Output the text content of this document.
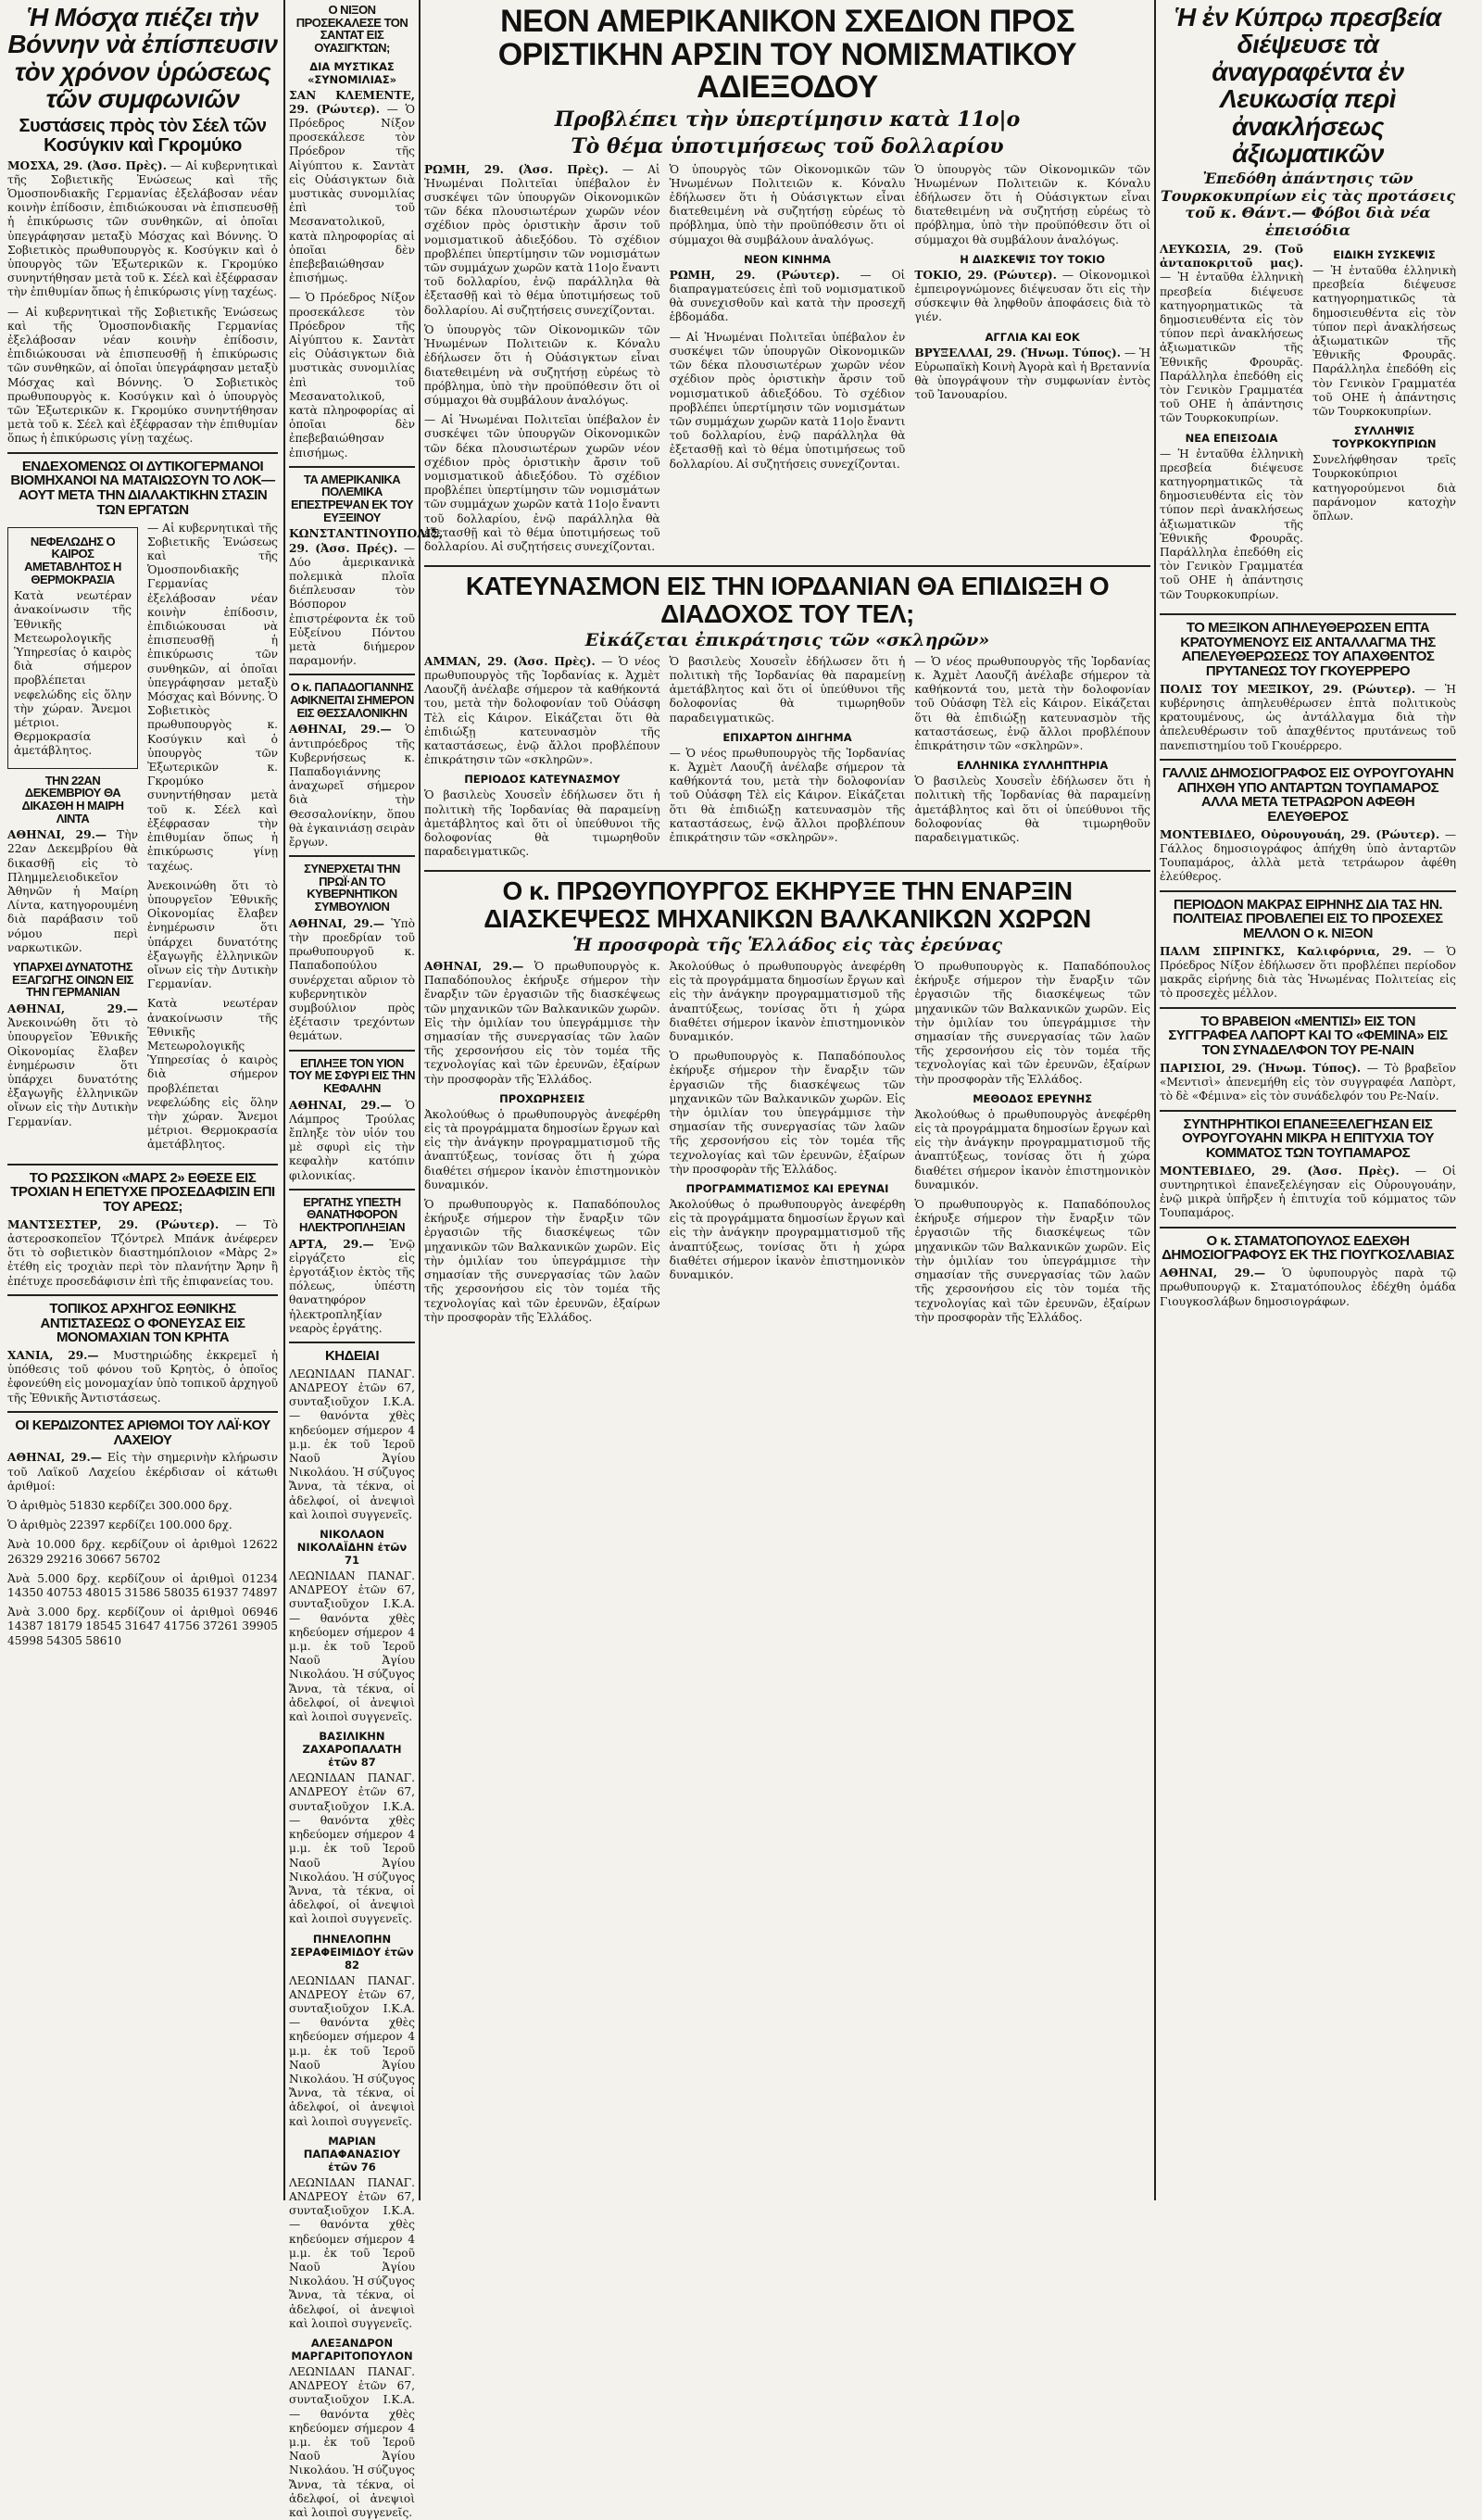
Ἡ Μόσχα πιέζει τὴν Βόννην νὰ ἐπίσπευσιν τὸν χρόνον ὑρώσεως τῶν συμφωνιῶν
Συστάσεις πρὸς τὸν Σέελ τῶν Κοσύγκιν καὶ Γκρομύκο

ΜΟΣΧΑ, 29. (Ἀσσ. Πρὲς). — Αἱ κυβερνητικαὶ τῆς Σοβιετικῆς Ἑνώσεως καὶ τῆς Ὁμοσπονδιακῆς Γερμανίας ἐξελάβοσαν νέαν κοινὴν ἐπίδοσιν, ἐπιδιώκουσαι νὰ ἐπισπευσθῇ ἡ ἐπικύρωσις τῶν συνθηκῶν, αἱ ὁποῖαι ὑπεγράφησαν μεταξὺ Μόσχας καὶ Βόννης. Ὁ Σοβιετικὸς πρωθυπουργὸς κ. Κοσύγκιν καὶ ὁ ὑπουργὸς τῶν Ἐξωτερικῶν κ. Γκρομύκο συνηντήθησαν μετὰ τοῦ κ. Σέελ καὶ ἐξέφρασαν τὴν ἐπιθυμίαν ὅπως ἡ ἐπικύρωσις γίνῃ ταχέως.

— Αἱ κυβερνητικαὶ τῆς Σοβιετικῆς Ἑνώσεως καὶ τῆς Ὁμοσπονδιακῆς Γερμανίας ἐξελάβοσαν νέαν κοινὴν ἐπίδοσιν, ἐπιδιώκουσαι νὰ ἐπισπευσθῇ ἡ ἐπικύρωσις τῶν συνθηκῶν, αἱ ὁποῖαι ὑπεγράφησαν μεταξὺ Μόσχας καὶ Βόννης. Ὁ Σοβιετικὸς πρωθυπουργὸς κ. Κοσύγκιν καὶ ὁ ὑπουργὸς τῶν Ἐξωτερικῶν κ. Γκρομύκο συνηντήθησαν μετὰ τοῦ κ. Σέελ καὶ ἐξέφρασαν τὴν ἐπιθυμίαν ὅπως ἡ ἐπικύρωσις γίνῃ ταχέως.

ΕΝΔΕΧΟΜΕΝΩΣ ΟΙ ΔΥΤΙΚΟΓΕΡΜΑΝΟΙ ΒΙΟΜΗΧΑΝΟΙ ΝΑ ΜΑΤΑΙΩΣΟΥΝ ΤΟ ΛΟΚ—ΑΟΥΤ ΜΕΤΑ ΤΗΝ ΔΙΑΛΑΚΤΙΚΗΝ ΣΤΑΣΙΝ ΤΩΝ ΕΡΓΑΤΩΝ
ΝΕΦΕΛΩΔΗΣ Ο ΚΑΙΡΟΣ ΑΜΕΤΑΒΛΗΤΟΣ Η ΘΕΡΜΟΚΡΑΣΙΑ

Κατὰ νεωτέραν ἀνακοίνωσιν τῆς Ἐθνικῆς Μετεωρολογικῆς Ὑπηρεσίας ὁ καιρὸς διὰ σήμερον προβλέπεται νεφελώδης εἰς ὅλην τὴν χώραν. Ἄνεμοι μέτριοι. Θερμοκρασία ἀμετάβλητος.

ΤΗΝ 22ΑΝ ΔΕΚΕΜΒΡΙΟΥ ΘΑ ΔΙΚΑΣΘΗ Η ΜΑΙΡΗ ΛΙΝΤΑ

ΑΘΗΝΑΙ, 29.— Τὴν 22αν Δεκεμβρίου θὰ δικασθῇ εἰς τὸ Πλημμελειοδικεῖον Ἀθηνῶν ἡ Μαίρη Λίντα, κατηγορουμένη διὰ παράβασιν τοῦ νόμου περὶ ναρκωτικῶν.

ΥΠΑΡΧΕΙ ΔΥΝΑΤΟΤΗΣ ΕΞΑΓΩΓΗΣ ΟΙΝΩΝ ΕΙΣ ΤΗΝ ΓΕΡΜΑΝΙΑΝ

ΑΘΗΝΑΙ, 29.— Ἀνεκοινώθη ὅτι τὸ ὑπουργεῖον Ἐθνικῆς Οἰκονομίας ἔλαβεν ἐνημέρωσιν ὅτι ὑπάρχει δυνατότης ἐξαγωγῆς ἑλληνικῶν οἴνων εἰς τὴν Δυτικὴν Γερμανίαν.

— Αἱ κυβερνητικαὶ τῆς Σοβιετικῆς Ἑνώσεως καὶ τῆς Ὁμοσπονδιακῆς Γερμανίας ἐξελάβοσαν νέαν κοινὴν ἐπίδοσιν, ἐπιδιώκουσαι νὰ ἐπισπευσθῇ ἡ ἐπικύρωσις τῶν συνθηκῶν, αἱ ὁποῖαι ὑπεγράφησαν μεταξὺ Μόσχας καὶ Βόννης. Ὁ Σοβιετικὸς πρωθυπουργὸς κ. Κοσύγκιν καὶ ὁ ὑπουργὸς τῶν Ἐξωτερικῶν κ. Γκρομύκο συνηντήθησαν μετὰ τοῦ κ. Σέελ καὶ ἐξέφρασαν τὴν ἐπιθυμίαν ὅπως ἡ ἐπικύρωσις γίνῃ ταχέως.

Ἀνεκοινώθη ὅτι τὸ ὑπουργεῖον Ἐθνικῆς Οἰκονομίας ἔλαβεν ἐνημέρωσιν ὅτι ὑπάρχει δυνατότης ἐξαγωγῆς ἑλληνικῶν οἴνων εἰς τὴν Δυτικὴν Γερμανίαν.

Κατὰ νεωτέραν ἀνακοίνωσιν τῆς Ἐθνικῆς Μετεωρολογικῆς Ὑπηρεσίας ὁ καιρὸς διὰ σήμερον προβλέπεται νεφελώδης εἰς ὅλην τὴν χώραν. Ἄνεμοι μέτριοι. Θερμοκρασία ἀμετάβλητος.

ΤΟ ΡΩΣΣΙΚΟΝ «ΜΑΡΣ 2» ΕΘΕΣΕ ΕΙΣ ΤΡΟΧΙΑΝ Η ΕΠΕΤΥΧΕ ΠΡΟΣΕΔΑΦΙΣΙΝ ΕΠΙ ΤΟΥ ΑΡΕΩΣ;

ΜΑΝΤΣΕΣΤΕΡ, 29. (Ρώυτερ). — Τὸ ἀστεροσκοπεῖον Τζόντρελ Μπάνκ ἀνέφερεν ὅτι τὸ σοβιετικὸν διαστημόπλοιον «Μὰρς 2» ἐτέθη εἰς τροχιὰν περὶ τὸν πλανήτην Ἄρην ἢ ἐπέτυχε προσεδάφισιν ἐπὶ τῆς ἐπιφανείας του.

ΤΟΠΙΚΟΣ ΑΡΧΗΓΟΣ ΕΘΝΙΚΗΣ ΑΝΤΙΣΤΑΣΕΩΣ Ο ΦΟΝΕΥΣΑΣ ΕΙΣ ΜΟΝΟΜΑΧΙΑΝ ΤΟΝ ΚΡΗΤΑ

ΧΑΝΙΑ, 29.— Μυστηριώδης ἐκκρεμεῖ ἡ ὑπόθεσις τοῦ φόνου τοῦ Κρητὸς, ὁ ὁποῖος ἐφονεύθη εἰς μονομαχίαν ὑπὸ τοπικοῦ ἀρχηγοῦ τῆς Ἐθνικῆς Ἀντιστάσεως.

ΟΙ ΚΕΡΔΙΖΟΝΤΕΣ ΑΡΙΘΜΟΙ ΤΟΥ ΛΑΪ·ΚΟΥ ΛΑΧΕΙΟΥ

ΑΘΗΝΑΙ, 29.— Εἰς τὴν σημερινὴν κλήρωσιν τοῦ Λαϊκοῦ Λαχείου ἐκέρδισαν οἱ κάτωθι ἀριθμοί:

Ὁ ἀριθμὸς 51830 κερδίζει 300.000 δρχ.

Ὁ ἀριθμὸς 22397 κερδίζει 100.000 δρχ.

Ἀνὰ 10.000 δρχ. κερδίζουν οἱ ἀριθμοὶ 12622 26329 29216 30667 56702

Ἀνὰ 5.000 δρχ. κερδίζουν οἱ ἀριθμοὶ 01234 14350 40753 48015 31586 58035 61937 74897

Ἀνὰ 3.000 δρχ. κερδίζουν οἱ ἀριθμοὶ 06946 14387 18179 18545 31647 41756 37261 39905 45998 54305 58610

Ο ΝΙΞΟΝ ΠΡΟΣΕΚΑΛΕΣΕ ΤΟΝ ΣΑΝΤΑΤ ΕΙΣ ΟΥΑΣΙΓΚΤΩΝ;
ΔΙΑ ΜΥΣΤΙΚΑΣ «ΣΥΝΟΜΙΛΙΑΣ»

ΣΑΝ ΚΛΕΜΕΝΤΕ, 29. (Ρώυτερ). — Ὁ Πρόεδρος Νίξον προσεκάλεσε τὸν Πρόεδρον τῆς Αἰγύπτου κ. Σαντὰτ εἰς Οὐάσιγκτων διὰ μυστικὰς συνομιλίας ἐπὶ τοῦ Μεσανατολικοῦ, κατὰ πληροφορίας αἱ ὁποῖαι δὲν ἐπεβεβαιώθησαν ἐπισήμως.

— Ὁ Πρόεδρος Νίξον προσεκάλεσε τὸν Πρόεδρον τῆς Αἰγύπτου κ. Σαντὰτ εἰς Οὐάσιγκτων διὰ μυστικὰς συνομιλίας ἐπὶ τοῦ Μεσανατολικοῦ, κατὰ πληροφορίας αἱ ὁποῖαι δὲν ἐπεβεβαιώθησαν ἐπισήμως.

ΤΑ ΑΜΕΡΙΚΑΝΙΚΑ ΠΟΛΕΜΙΚΑ ΕΠΕΣΤΡΕΨΑΝ ΕΚ ΤΟΥ ΕΥΞΕΙΝΟΥ

ΚΩΝΣΤΑΝΤΙΝΟΥΠΟΛΙΣ, 29. (Ἀσσ. Πρές). — Δύο ἀμερικανικὰ πολεμικὰ πλοῖα διέπλευσαν τὸν Βόσπορον ἐπιστρέφοντα ἐκ τοῦ Εὐξείνου Πόντου μετὰ διήμερον παραμονήν.

Ο κ. ΠΑΠΑΔΟΓΙΑΝΝΗΣ ΑΦΙΚΝΕΙΤΑΙ ΣΗΜΕΡΟΝ ΕΙΣ ΘΕΣΣΑΛΟΝΙΚΗΝ

ΑΘΗΝΑΙ, 29.— Ὁ ἀντιπρόεδρος τῆς Κυβερνήσεως κ. Παπαδογιάννης ἀναχωρεῖ σήμερον διὰ τὴν Θεσσαλονίκην, ὅπου θὰ ἐγκαινιάσῃ σειρὰν ἔργων.

ΣΥΝΕΡΧΕΤΑΙ ΤΗΝ ΠΡΩΪ·ΑΝ ΤΟ ΚΥΒΕΡΝΗΤΙΚΟΝ ΣΥΜΒΟΥΛΙΟΝ

ΑΘΗΝΑΙ, 29.— Ὑπὸ τὴν προεδρίαν τοῦ πρωθυπουργοῦ κ. Παπαδοπούλου συνέρχεται αὔριον τὸ κυβερνητικὸν συμβούλιον πρὸς ἐξέτασιν τρεχόντων θεμάτων.

ΕΠΛΗΞΕ ΤΟΝ ΥΙΟΝ ΤΟΥ ΜΕ ΣΦΥΡΙ ΕΙΣ ΤΗΝ ΚΕΦΑΛΗΝ

ΑΘΗΝΑΙ, 29.— Ὁ Λάμπρος Τρούλας ἔπληξε τὸν υἱόν του μὲ σφυρὶ εἰς τὴν κεφαλὴν κατόπιν φιλονικίας.

ΕΡΓΑΤΗΣ ΥΠΕΣΤΗ ΘΑΝΑΤΗΦΟΡΟΝ ΗΛΕΚΤΡΟΠΛΗΞΙΑΝ

ΑΡΤΑ, 29.— Ἐνῷ εἰργάζετο εἰς ἐργοτάξιον ἐκτὸς τῆς πόλεως, ὑπέστη θανατηφόρον ἠλεκτροπληξίαν νεαρὸς ἐργάτης.

ΚΗΔΕΙΑΙ

ΛΕΩΝΙΔΑΝ ΠΑΝΑΓ. ΑΝΔΡΕΟΥ ἐτῶν 67, συνταξιοῦχον Ι.Κ.Α. — θανόντα χθὲς κηδεύομεν σήμερον 4 μ.μ. ἐκ τοῦ Ἱεροῦ Ναοῦ Ἁγίου Νικολάου. Ἡ σύζυγος Ἄννα, τὰ τέκνα, οἱ ἀδελφοί, οἱ ἀνεψιοὶ καὶ λοιποὶ συγγενεῖς.

ΝΙΚΟΛΑΟΝ ΝΙΚΟΛΑΪΔΗΝ ἐτῶν 71

ΛΕΩΝΙΔΑΝ ΠΑΝΑΓ. ΑΝΔΡΕΟΥ ἐτῶν 67, συνταξιοῦχον Ι.Κ.Α. — θανόντα χθὲς κηδεύομεν σήμερον 4 μ.μ. ἐκ τοῦ Ἱεροῦ Ναοῦ Ἁγίου Νικολάου. Ἡ σύζυγος Ἄννα, τὰ τέκνα, οἱ ἀδελφοί, οἱ ἀνεψιοὶ καὶ λοιποὶ συγγενεῖς.

ΒΑΣΙΛΙΚΗΝ ΖΑΧΑΡΟΠΑΛΑΤΗ ἐτῶν 87

ΛΕΩΝΙΔΑΝ ΠΑΝΑΓ. ΑΝΔΡΕΟΥ ἐτῶν 67, συνταξιοῦχον Ι.Κ.Α. — θανόντα χθὲς κηδεύομεν σήμερον 4 μ.μ. ἐκ τοῦ Ἱεροῦ Ναοῦ Ἁγίου Νικολάου. Ἡ σύζυγος Ἄννα, τὰ τέκνα, οἱ ἀδελφοί, οἱ ἀνεψιοὶ καὶ λοιποὶ συγγενεῖς.

ΠΗΝΕΛΟΠΗΝ ΣΕΡΑΦΕΙΜΙΔΟΥ ἐτῶν 82

ΛΕΩΝΙΔΑΝ ΠΑΝΑΓ. ΑΝΔΡΕΟΥ ἐτῶν 67, συνταξιοῦχον Ι.Κ.Α. — θανόντα χθὲς κηδεύομεν σήμερον 4 μ.μ. ἐκ τοῦ Ἱεροῦ Ναοῦ Ἁγίου Νικολάου. Ἡ σύζυγος Ἄννα, τὰ τέκνα, οἱ ἀδελφοί, οἱ ἀνεψιοὶ καὶ λοιποὶ συγγενεῖς.

ΜΑΡΙΑΝ ΠΑΠΑΦΑΝΑΣΙΟΥ ἐτῶν 76

ΛΕΩΝΙΔΑΝ ΠΑΝΑΓ. ΑΝΔΡΕΟΥ ἐτῶν 67, συνταξιοῦχον Ι.Κ.Α. — θανόντα χθὲς κηδεύομεν σήμερον 4 μ.μ. ἐκ τοῦ Ἱεροῦ Ναοῦ Ἁγίου Νικολάου. Ἡ σύζυγος Ἄννα, τὰ τέκνα, οἱ ἀδελφοί, οἱ ἀνεψιοὶ καὶ λοιποὶ συγγενεῖς.

ΑΛΕΞΑΝΔΡΟΝ ΜΑΡΓΑΡΙΤΟΠΟΥΛΟΝ

ΛΕΩΝΙΔΑΝ ΠΑΝΑΓ. ΑΝΔΡΕΟΥ ἐτῶν 67, συνταξιοῦχον Ι.Κ.Α. — θανόντα χθὲς κηδεύομεν σήμερον 4 μ.μ. ἐκ τοῦ Ἱεροῦ Ναοῦ Ἁγίου Νικολάου. Ἡ σύζυγος Ἄννα, τὰ τέκνα, οἱ ἀδελφοί, οἱ ἀνεψιοὶ καὶ λοιποὶ συγγενεῖς.

ΝΕΟΝ ΑΜΕΡΙΚΑΝΙΚΟΝ ΣΧΕΔΙΟΝ ΠΡΟΣ ΟΡΙΣΤΙΚΗΝ ΑΡΣΙΝ ΤΟΥ ΝΟΜΙΣΜΑΤΙΚΟΥ ΑΔΙΕΞΟΔΟΥ
Προβλέπει τὴν ὑπερτίμησιν κατὰ 11ο|ο
Τὸ θέμα ὑποτιμήσεως τοῦ δολλαρίου

ΡΩΜΗ, 29. (Ἀσσ. Πρὲς). — Αἱ Ἡνωμέναι Πολιτεῖαι ὑπέβαλον ἐν συσκέψει τῶν ὑπουργῶν Οἰκονομικῶν τῶν δέκα πλουσιωτέρων χωρῶν νέον σχέδιον πρὸς ὁριστικὴν ἄρσιν τοῦ νομισματικοῦ ἀδιεξόδου. Τὸ σχέδιον προβλέπει ὑπερτίμησιν τῶν νομισμάτων τῶν συμμάχων χωρῶν κατὰ 11ο|ο ἔναντι τοῦ δολλαρίου, ἐνῷ παράλληλα θὰ ἐξετασθῇ καὶ τὸ θέμα ὑποτιμήσεως τοῦ δολλαρίου. Αἱ συζητήσεις συνεχίζονται.

Ὁ ὑπουργὸς τῶν Οἰκονομικῶν τῶν Ἡνωμένων Πολιτειῶν κ. Κόναλυ ἐδήλωσεν ὅτι ἡ Οὐάσιγκτων εἶναι διατεθειμένη νὰ συζητήσῃ εὐρέως τὸ πρόβλημα, ὑπὸ τὴν προϋπόθεσιν ὅτι οἱ σύμμαχοι θὰ συμβάλουν ἀναλόγως.

— Αἱ Ἡνωμέναι Πολιτεῖαι ὑπέβαλον ἐν συσκέψει τῶν ὑπουργῶν Οἰκονομικῶν τῶν δέκα πλουσιωτέρων χωρῶν νέον σχέδιον πρὸς ὁριστικὴν ἄρσιν τοῦ νομισματικοῦ ἀδιεξόδου. Τὸ σχέδιον προβλέπει ὑπερτίμησιν τῶν νομισμάτων τῶν συμμάχων χωρῶν κατὰ 11ο|ο ἔναντι τοῦ δολλαρίου, ἐνῷ παράλληλα θὰ ἐξετασθῇ καὶ τὸ θέμα ὑποτιμήσεως τοῦ δολλαρίου. Αἱ συζητήσεις συνεχίζονται.

Ὁ ὑπουργὸς τῶν Οἰκονομικῶν τῶν Ἡνωμένων Πολιτειῶν κ. Κόναλυ ἐδήλωσεν ὅτι ἡ Οὐάσιγκτων εἶναι διατεθειμένη νὰ συζητήσῃ εὐρέως τὸ πρόβλημα, ὑπὸ τὴν προϋπόθεσιν ὅτι οἱ σύμμαχοι θὰ συμβάλουν ἀναλόγως.

ΝΕΟΝ ΚΙΝΗΜΑ

ΡΩΜΗ, 29. (Ρώυτερ). — Οἱ διαπραγματεύσεις ἐπὶ τοῦ νομισματικοῦ θὰ συνεχισθοῦν καὶ κατὰ τὴν προσεχῆ ἑβδομάδα.

— Αἱ Ἡνωμέναι Πολιτεῖαι ὑπέβαλον ἐν συσκέψει τῶν ὑπουργῶν Οἰκονομικῶν τῶν δέκα πλουσιωτέρων χωρῶν νέον σχέδιον πρὸς ὁριστικὴν ἄρσιν τοῦ νομισματικοῦ ἀδιεξόδου. Τὸ σχέδιον προβλέπει ὑπερτίμησιν τῶν νομισμάτων τῶν συμμάχων χωρῶν κατὰ 11ο|ο ἔναντι τοῦ δολλαρίου, ἐνῷ παράλληλα θὰ ἐξετασθῇ καὶ τὸ θέμα ὑποτιμήσεως τοῦ δολλαρίου. Αἱ συζητήσεις συνεχίζονται.

Ὁ ὑπουργὸς τῶν Οἰκονομικῶν τῶν Ἡνωμένων Πολιτειῶν κ. Κόναλυ ἐδήλωσεν ὅτι ἡ Οὐάσιγκτων εἶναι διατεθειμένη νὰ συζητήσῃ εὐρέως τὸ πρόβλημα, ὑπὸ τὴν προϋπόθεσιν ὅτι οἱ σύμμαχοι θὰ συμβάλουν ἀναλόγως.

Η ΔΙΑΣΚΕΨΙΣ ΤΟΥ ΤΟΚΙΟ

ΤΟΚΙΟ, 29. (Ρώυτερ). — Οἰκονομικοὶ ἐμπειρογνώμονες διέψευσαν ὅτι εἰς τὴν σύσκεψιν θὰ ληφθοῦν ἀποφάσεις διὰ τὸ γιέν.

ΑΓΓΛΙΑ ΚΑΙ ΕΟΚ

ΒΡΥΞΕΛΛΑΙ, 29. (Ἡνωμ. Τύπος). — Ἡ Εὐρωπαϊκὴ Κοινὴ Ἀγορὰ καὶ ἡ Βρεταννία θὰ ὑπογράψουν τὴν συμφωνίαν ἐντὸς τοῦ Ἰανουαρίου.

ΚΑΤΕΥΝΑΣΜΟΝ ΕΙΣ ΤΗΝ ΙΟΡΔΑΝΙΑΝ ΘΑ ΕΠΙΔΙΩΞΗ Ο ΔΙΑΔΟΧΟΣ ΤΟΥ ΤΕΛ;
Εἰκάζεται ἐπικράτησις τῶν «σκληρῶν»

ΑΜΜΑΝ, 29. (Ἀσσ. Πρὲς). — Ὁ νέος πρωθυπουργὸς τῆς Ἰορδανίας κ. Ἀχμὲτ Λαουζῆ ἀνέλαβε σήμερον τὰ καθήκοντά του, μετὰ τὴν δολοφονίαν τοῦ Οὐάσφη Τὲλ εἰς Κάιρον. Εἰκάζεται ὅτι θὰ ἐπιδιώξῃ κατευνασμὸν τῆς καταστάσεως, ἐνῷ ἄλλοι προβλέπουν ἐπικράτησιν τῶν «σκληρῶν».

ΠΕΡΙΟΔΟΣ ΚΑΤΕΥΝΑΣΜΟΥ

Ὁ βασιλεὺς Χουσεῒν ἐδήλωσεν ὅτι ἡ πολιτικὴ τῆς Ἰορδανίας θὰ παραμείνῃ ἀμετάβλητος καὶ ὅτι οἱ ὑπεύθυνοι τῆς δολοφονίας θὰ τιμωρηθοῦν παραδειγματικῶς.

Ὁ βασιλεὺς Χουσεῒν ἐδήλωσεν ὅτι ἡ πολιτικὴ τῆς Ἰορδανίας θὰ παραμείνῃ ἀμετάβλητος καὶ ὅτι οἱ ὑπεύθυνοι τῆς δολοφονίας θὰ τιμωρηθοῦν παραδειγματικῶς.

ΕΠΙΧΑΡΤΟΝ ΔΙΗΓΗΜΑ

— Ὁ νέος πρωθυπουργὸς τῆς Ἰορδανίας κ. Ἀχμὲτ Λαουζῆ ἀνέλαβε σήμερον τὰ καθήκοντά του, μετὰ τὴν δολοφονίαν τοῦ Οὐάσφη Τὲλ εἰς Κάιρον. Εἰκάζεται ὅτι θὰ ἐπιδιώξῃ κατευνασμὸν τῆς καταστάσεως, ἐνῷ ἄλλοι προβλέπουν ἐπικράτησιν τῶν «σκληρῶν».

— Ὁ νέος πρωθυπουργὸς τῆς Ἰορδανίας κ. Ἀχμὲτ Λαουζῆ ἀνέλαβε σήμερον τὰ καθήκοντά του, μετὰ τὴν δολοφονίαν τοῦ Οὐάσφη Τὲλ εἰς Κάιρον. Εἰκάζεται ὅτι θὰ ἐπιδιώξῃ κατευνασμὸν τῆς καταστάσεως, ἐνῷ ἄλλοι προβλέπουν ἐπικράτησιν τῶν «σκληρῶν».

ΕΛΛΗΝΙΚΑ ΣΥΛΛΗΠΤΗΡΙΑ

Ὁ βασιλεὺς Χουσεῒν ἐδήλωσεν ὅτι ἡ πολιτικὴ τῆς Ἰορδανίας θὰ παραμείνῃ ἀμετάβλητος καὶ ὅτι οἱ ὑπεύθυνοι τῆς δολοφονίας θὰ τιμωρηθοῦν παραδειγματικῶς.

Ο κ. ΠΡΩΘΥΠΟΥΡΓΟΣ ΕΚΗΡΥΞΕ ΤΗΝ ΕΝΑΡΞΙΝ ΔΙΑΣΚΕΨΕΩΣ ΜΗΧΑΝΙΚΩΝ ΒΑΛΚΑΝΙΚΩΝ ΧΩΡΩΝ
Ἡ προσφορὰ τῆς Ἑλλάδος εἰς τὰς ἐρεύνας

ΑΘΗΝΑΙ, 29.— Ὁ πρωθυπουργὸς κ. Παπαδόπουλος ἐκήρυξε σήμερον τὴν ἔναρξιν τῶν ἐργασιῶν τῆς διασκέψεως τῶν μηχανικῶν τῶν Βαλκανικῶν χωρῶν. Εἰς τὴν ὁμιλίαν του ὑπεγράμμισε τὴν σημασίαν τῆς συνεργασίας τῶν λαῶν τῆς χερσονήσου εἰς τὸν τομέα τῆς τεχνολογίας καὶ τῶν ἐρευνῶν, ἐξαίρων τὴν προσφορὰν τῆς Ἑλλάδος.

ΠΡΟΧΩΡΗΣΕΙΣ

Ἀκολούθως ὁ πρωθυπουργὸς ἀνεφέρθη εἰς τὰ προγράμματα δημοσίων ἔργων καὶ εἰς τὴν ἀνάγκην προγραμματισμοῦ τῆς ἀναπτύξεως, τονίσας ὅτι ἡ χώρα διαθέτει σήμερον ἱκανὸν ἐπιστημονικὸν δυναμικόν.

Ὁ πρωθυπουργὸς κ. Παπαδόπουλος ἐκήρυξε σήμερον τὴν ἔναρξιν τῶν ἐργασιῶν τῆς διασκέψεως τῶν μηχανικῶν τῶν Βαλκανικῶν χωρῶν. Εἰς τὴν ὁμιλίαν του ὑπεγράμμισε τὴν σημασίαν τῆς συνεργασίας τῶν λαῶν τῆς χερσονήσου εἰς τὸν τομέα τῆς τεχνολογίας καὶ τῶν ἐρευνῶν, ἐξαίρων τὴν προσφορὰν τῆς Ἑλλάδος.

Ἀκολούθως ὁ πρωθυπουργὸς ἀνεφέρθη εἰς τὰ προγράμματα δημοσίων ἔργων καὶ εἰς τὴν ἀνάγκην προγραμματισμοῦ τῆς ἀναπτύξεως, τονίσας ὅτι ἡ χώρα διαθέτει σήμερον ἱκανὸν ἐπιστημονικὸν δυναμικόν.

Ὁ πρωθυπουργὸς κ. Παπαδόπουλος ἐκήρυξε σήμερον τὴν ἔναρξιν τῶν ἐργασιῶν τῆς διασκέψεως τῶν μηχανικῶν τῶν Βαλκανικῶν χωρῶν. Εἰς τὴν ὁμιλίαν του ὑπεγράμμισε τὴν σημασίαν τῆς συνεργασίας τῶν λαῶν τῆς χερσονήσου εἰς τὸν τομέα τῆς τεχνολογίας καὶ τῶν ἐρευνῶν, ἐξαίρων τὴν προσφορὰν τῆς Ἑλλάδος.

ΠΡΟΓΡΑΜΜΑΤΙΣΜΟΣ ΚΑΙ ΕΡΕΥΝΑΙ

Ἀκολούθως ὁ πρωθυπουργὸς ἀνεφέρθη εἰς τὰ προγράμματα δημοσίων ἔργων καὶ εἰς τὴν ἀνάγκην προγραμματισμοῦ τῆς ἀναπτύξεως, τονίσας ὅτι ἡ χώρα διαθέτει σήμερον ἱκανὸν ἐπιστημονικὸν δυναμικόν.

Ὁ πρωθυπουργὸς κ. Παπαδόπουλος ἐκήρυξε σήμερον τὴν ἔναρξιν τῶν ἐργασιῶν τῆς διασκέψεως τῶν μηχανικῶν τῶν Βαλκανικῶν χωρῶν. Εἰς τὴν ὁμιλίαν του ὑπεγράμμισε τὴν σημασίαν τῆς συνεργασίας τῶν λαῶν τῆς χερσονήσου εἰς τὸν τομέα τῆς τεχνολογίας καὶ τῶν ἐρευνῶν, ἐξαίρων τὴν προσφορὰν τῆς Ἑλλάδος.

ΜΕΘΟΔΟΣ ΕΡΕΥΝΗΣ

Ἀκολούθως ὁ πρωθυπουργὸς ἀνεφέρθη εἰς τὰ προγράμματα δημοσίων ἔργων καὶ εἰς τὴν ἀνάγκην προγραμματισμοῦ τῆς ἀναπτύξεως, τονίσας ὅτι ἡ χώρα διαθέτει σήμερον ἱκανὸν ἐπιστημονικὸν δυναμικόν.

Ὁ πρωθυπουργὸς κ. Παπαδόπουλος ἐκήρυξε σήμερον τὴν ἔναρξιν τῶν ἐργασιῶν τῆς διασκέψεως τῶν μηχανικῶν τῶν Βαλκανικῶν χωρῶν. Εἰς τὴν ὁμιλίαν του ὑπεγράμμισε τὴν σημασίαν τῆς συνεργασίας τῶν λαῶν τῆς χερσονήσου εἰς τὸν τομέα τῆς τεχνολογίας καὶ τῶν ἐρευνῶν, ἐξαίρων τὴν προσφορὰν τῆς Ἑλλάδος.

Ἡ ἐν Κύπρῳ πρεσβεία διέψευσε τὰ ἀναγραφέντα ἐν Λευκωσίᾳ περὶ ἀνακλήσεως ἀξιωματικῶν
Ἐπεδόθη ἀπάντησις τῶν Τουρκοκυπρίων εἰς τὰς προτάσεις τοῦ κ. Θάντ.— Φόβοι διὰ νέα ἐπεισόδια

ΛΕΥΚΩΣΙΑ, 29. (Τοῦ ἀνταποκριτοῦ μας). — Ἡ ἐνταῦθα ἑλληνικὴ πρεσβεία διέψευσε κατηγορηματικῶς τὰ δημοσιευθέντα εἰς τὸν τύπον περὶ ἀνακλήσεως ἀξιωματικῶν τῆς Ἐθνικῆς Φρουρᾶς. Παράλληλα ἐπεδόθη εἰς τὸν Γενικὸν Γραμματέα τοῦ ΟΗΕ ἡ ἀπάντησις τῶν Τουρκοκυπρίων.

ΝΕΑ ΕΠΕΙΣΟΔΙΑ

— Ἡ ἐνταῦθα ἑλληνικὴ πρεσβεία διέψευσε κατηγορηματικῶς τὰ δημοσιευθέντα εἰς τὸν τύπον περὶ ἀνακλήσεως ἀξιωματικῶν τῆς Ἐθνικῆς Φρουρᾶς. Παράλληλα ἐπεδόθη εἰς τὸν Γενικὸν Γραμματέα τοῦ ΟΗΕ ἡ ἀπάντησις τῶν Τουρκοκυπρίων.

ΕΙΔΙΚΗ ΣΥΣΚΕΨΙΣ

— Ἡ ἐνταῦθα ἑλληνικὴ πρεσβεία διέψευσε κατηγορηματικῶς τὰ δημοσιευθέντα εἰς τὸν τύπον περὶ ἀνακλήσεως ἀξιωματικῶν τῆς Ἐθνικῆς Φρουρᾶς. Παράλληλα ἐπεδόθη εἰς τὸν Γενικὸν Γραμματέα τοῦ ΟΗΕ ἡ ἀπάντησις τῶν Τουρκοκυπρίων.

ΣΥΛΛΗΨΙΣ ΤΟΥΡΚΟΚΥΠΡΙΩΝ

Συνελήφθησαν τρεῖς Τουρκοκύπριοι κατηγορούμενοι διὰ παράνομον κατοχὴν ὅπλων.

ΤΟ ΜΕΞΙΚΟΝ ΑΠΗΛΕΥΘΕΡΩΣΕΝ ΕΠΤΑ ΚΡΑΤΟΥΜΕΝΟΥΣ ΕΙΣ ΑΝΤΑΛΛΑΓΜΑ ΤΗΣ ΑΠΕΛΕΥΘΕΡΩΣΕΩΣ ΤΟΥ ΑΠΑΧΘΕΝΤΟΣ ΠΡΥΤΑΝΕΩΣ ΤΟΥ ΓΚΟΥΕΡΡΕΡΟ

ΠΟΛΙΣ ΤΟΥ ΜΕΞΙΚΟΥ, 29. (Ρώυτερ). — Ἡ κυβέρνησις ἀπηλευθέρωσεν ἑπτὰ πολιτικοὺς κρατουμένους, ὡς ἀντάλλαγμα διὰ τὴν ἀπελευθέρωσιν τοῦ ἀπαχθέντος πρυτάνεως τοῦ πανεπιστημίου τοῦ Γκουέρρερο.

ΓΑΛΛΙΣ ΔΗΜΟΣΙΟΓΡΑΦΟΣ ΕΙΣ ΟΥΡΟΥΓΟΥΑΗΝ ΑΠΗΧΘΗ ΥΠΟ ΑΝΤΑΡΤΩΝ ΤΟΥΠΑΜΑΡΟΣ ΑΛΛΑ ΜΕΤΑ ΤΕΤΡΑΩΡΟΝ ΑΦΕΘΗ ΕΛΕΥΘΕΡΟΣ

ΜΟΝΤΕΒΙΔΕΟ, Οὐρουγουάη, 29. (Ρώυτερ). — Γάλλος δημοσιογράφος ἀπήχθη ὑπὸ ἀνταρτῶν Τουπαμάρος, ἀλλὰ μετὰ τετράωρον ἀφέθη ἐλεύθερος.

ΠΕΡΙΟΔΟΝ ΜΑΚΡΑΣ ΕΙΡΗΝΗΣ ΔΙΑ ΤΑΣ ΗΝ. ΠΟΛΙΤΕΙΑΣ ΠΡΟΒΛΕΠΕΙ ΕΙΣ ΤΟ ΠΡΟΣΕΧΕΣ ΜΕΛΛΟΝ Ο κ. ΝΙΞΟΝ

ΠΑΛΜ ΣΠΡΙΝΓΚΣ, Καλιφόρνια, 29. — Ὁ Πρόεδρος Νίξον ἐδήλωσεν ὅτι προβλέπει περίοδον μακρᾶς εἰρήνης διὰ τὰς Ἡνωμένας Πολιτείας εἰς τὸ προσεχὲς μέλλον.

ΤΟ ΒΡΑΒΕΙΟΝ «ΜΕΝΤΙΣΙ» ΕΙΣ ΤΟΝ ΣΥΓΓΡΑΦΕΑ ΛΑΠΟΡΤ ΚΑΙ ΤΟ «ΦΕΜΙΝΑ» ΕΙΣ ΤΟΝ ΣΥΝΑΔΕΛΦΟΝ ΤΟΥ ΡΕ-ΝΑΙΝ

ΠΑΡΙΣΙΟΙ, 29. (Ἡνωμ. Τύπος). — Τὸ βραβεῖον «Μεντισὶ» ἀπενεμήθη εἰς τὸν συγγραφέα Λαπὸρτ, τὸ δὲ «Φέμινα» εἰς τὸν συνάδελφόν του Ρε-Ναίν.

ΣΥΝΤΗΡΗΤΙΚΟΙ ΕΠΑΝΕΞΕΛΕΓΗΣΑΝ ΕΙΣ ΟΥΡΟΥΓΟΥΑΗΝ ΜΙΚΡΑ Η ΕΠΙΤΥΧΙΑ ΤΟΥ ΚΟΜΜΑΤΟΣ ΤΩΝ ΤΟΥΠΑΜΑΡΟΣ

ΜΟΝΤΕΒΙΔΕΟ, 29. (Ἀσσ. Πρὲς). — Οἱ συντηρητικοὶ ἐπανεξελέγησαν εἰς Οὐρουγουάην, ἐνῷ μικρὰ ὑπῆρξεν ἡ ἐπιτυχία τοῦ κόμματος τῶν Τουπαμάρος.

Ο κ. ΣΤΑΜΑΤΟΠΟΥΛΟΣ ΕΔΕΧΘΗ ΔΗΜΟΣΙΟΓΡΑΦΟΥΣ ΕΚ ΤΗΣ ΓΙΟΥΓΚΟΣΛΑΒΙΑΣ

ΑΘΗΝΑΙ, 29.— Ὁ ὑφυπουργὸς παρὰ τῷ πρωθυπουργῷ κ. Σταματόπουλος ἐδέχθη ὁμάδα Γιουγκοσλάβων δημοσιογράφων.
